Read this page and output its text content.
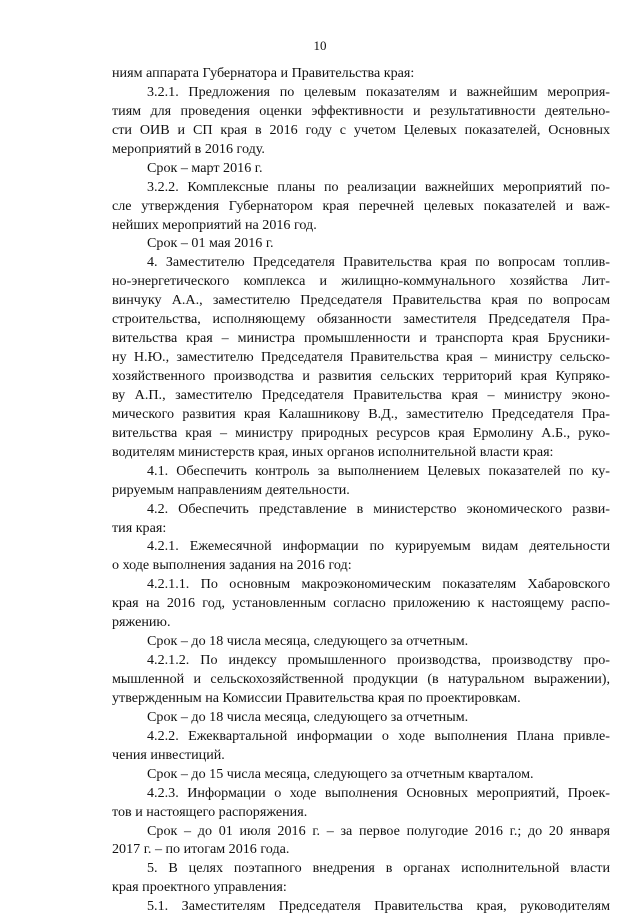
10
ниям аппарата Губернатора и Правительства края:
3.2.1. Предложения по целевым показателям и важнейшим мероприя-
тиям для проведения оценки эффективности и результативности деятельно-
сти ОИВ и СП края в 2016 году с учетом Целевых показателей, Основных
мероприятий в 2016 году.
Срок – март 2016 г.
3.2.2. Комплексные планы по реализации важнейших мероприятий по-
сле утверждения Губернатором края перечней целевых показателей и важ-
нейших мероприятий на 2016 год.
Срок – 01 мая 2016 г.
4. Заместителю Председателя Правительства края по вопросам топлив-
но-энергетического комплекса и жилищно-коммунального хозяйства Лит-
винчуку А.А., заместителю Председателя Правительства края по вопросам
строительства, исполняющему обязанности заместителя Председателя Пра-
вительства края – министра промышленности и транспорта края Брусники-
ну Н.Ю., заместителю Председателя Правительства края – министру сельско-
хозяйственного производства и развития сельских территорий края Купряко-
ву А.П., заместителю Председателя Правительства края – министру эконо-
мического развития края Калашникову В.Д., заместителю Председателя Пра-
вительства края – министру природных ресурсов края Ермолину А.Б., руко-
водителям министерств края, иных органов исполнительной власти края:
4.1. Обеспечить контроль за выполнением Целевых показателей по ку-
рируемым направлениям деятельности.
4.2. Обеспечить представление в министерство экономического разви-
тия края:
4.2.1. Ежемесячной информации по курируемым видам деятельности
о ходе выполнения задания на 2016 год:
4.2.1.1. По основным макроэкономическим показателям Хабаровского
края на 2016 год, установленным согласно приложению к настоящему распо-
ряжению.
Срок – до 18 числа месяца, следующего за отчетным.
4.2.1.2. По индексу промышленного производства, производству про-
мышленной и сельскохозяйственной продукции (в натуральном выражении),
утвержденным на Комиссии Правительства края по проектировкам.
Срок – до 18 числа месяца, следующего за отчетным.
4.2.2. Ежеквартальной информации о ходе выполнения Плана привле-
чения инвестиций.
Срок – до 15 числа месяца, следующего за отчетным кварталом.
4.2.3. Информации о ходе выполнения Основных мероприятий, Проек-
тов и настоящего распоряжения.
Срок – до 01 июля 2016 г. – за первое полугодие 2016 г.; до 20 января
2017 г. – по итогам 2016 года.
5. В целях поэтапного внедрения в органах исполнительной власти
края проектного управления:
5.1. Заместителям Председателя Правительства края, руководителям
